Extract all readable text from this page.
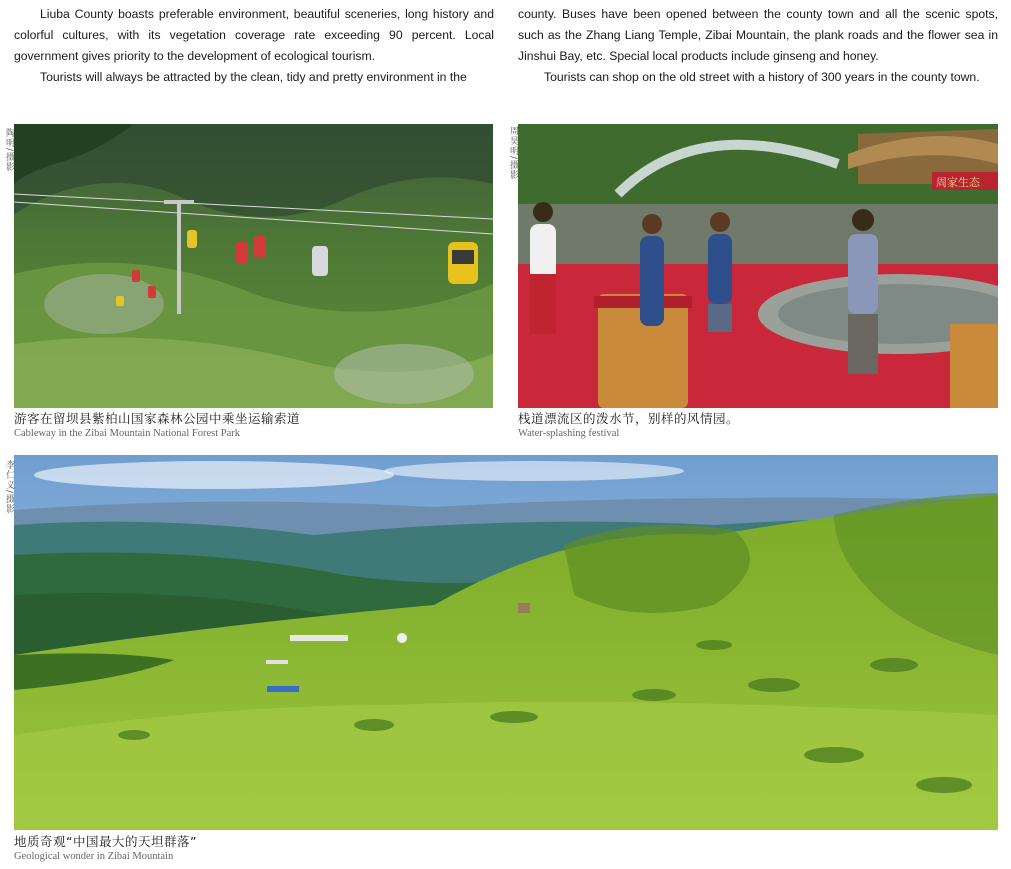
Liuba County boasts preferable environment, beautiful sceneries, long history and colorful cultures, with its vegetation coverage rate exceeding 90 percent. Local government gives priority to the development of ecological tourism.

Tourists will always be attracted by the clean, tidy and pretty environment in the

county. Buses have been opened between the county town and all the scenic spots, such as the Zhang Liang Temple, Zibai Mountain, the plank roads and the flower sea in Jinshui Bay, etc. Special local products include ginseng and honey.

Tourists can shop on the old street with a history of 300 years in the county town.

陶明/摄影
游客在留坝县紫柏山国家森林公园中乘坐运输索道
Cableway in the Zibai Mountain National Forest Park
周昊明/摄影
周家生态
栈道漂流区的泼水节，别样的风情园。
Water-splashing festival
李仁义/摄影
地质奇观“中国最大的天坦群落”
Geological wonder in Zibai Mountain
